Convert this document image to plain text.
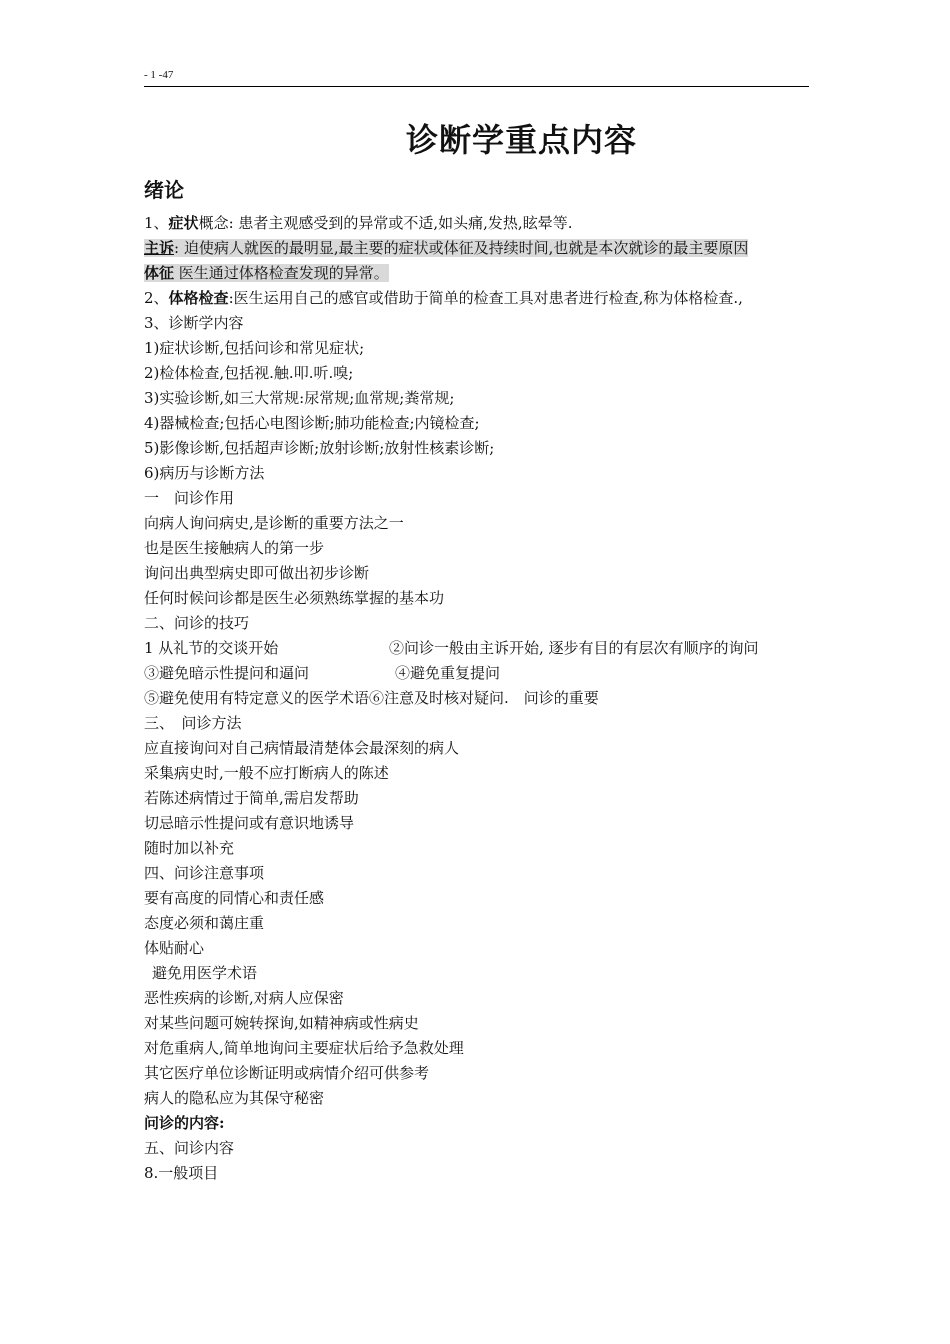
- 1 -47
诊断学重点内容
绪论
1、症状概念: 患者主观感受到的异常或不适,如头痛,发热,眩晕等.
主诉: 迫使病人就医的最明显,最主要的症状或体征及持续时间,也就是本次就诊的最主要原因
体征 医生通过体格检查发现的异常。
2、体格检查:医生运用自己的感官或借助于简单的检查工具对患者进行检查,称为体格检查.,
3、诊断学内容
1)症状诊断,包括问诊和常见症状;
2)检体检查,包括视.触.叩.听.嗅;
3)实验诊断,如三大常规:尿常规;血常规;粪常规;
4)器械检查;包括心电图诊断;肺功能检查;内镜检查;
5)影像诊断,包括超声诊断;放射诊断;放射性核素诊断;
6)病历与诊断方法
一　问诊作用
向病人询问病史,是诊断的重要方法之一
也是医生接触病人的第一步
询问出典型病史即可做出初步诊断
任何时候问诊都是医生必须熟练掌握的基本功
二、问诊的技巧
1 从礼节的交谈开始	②问诊一般由主诉开始, 逐步有目的有层次有顺序的询问
③避免暗示性提问和逼问	④避免重复提问
⑤避免使用有特定意义的医学术语⑥注意及时核对疑问.　问诊的重要
三、　问诊方法
应直接询问对自己病情最清楚体会最深刻的病人
采集病史时,一般不应打断病人的陈述
若陈述病情过于简单,需启发帮助
切忌暗示性提问或有意识地诱导
随时加以补充
四、问诊注意事项
要有高度的同情心和责任感
态度必须和蔼庄重
体贴耐心
避免用医学术语
恶性疾病的诊断,对病人应保密
对某些问题可婉转探询,如精神病或性病史
对危重病人,简单地询问主要症状后给予急救处理
其它医疗单位诊断证明或病情介绍可供参考
病人的隐私应为其保守秘密
问诊的内容:
五、问诊内容
8.一般项目
